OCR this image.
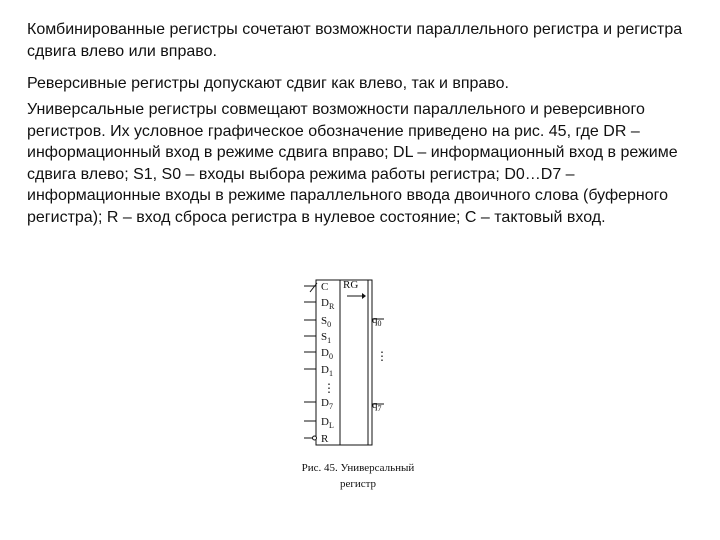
Комбинированные регистры сочетают возможности параллельного регистра и регистра сдвига влево или вправо.

Реверсивные регистры допускают сдвиг как влево, так и вправо.

Универсальные регистры совмещают возможности параллельного и реверсивного регистров. Их условное графическое обозначение приведено на рис. 45, где DR – информационный вход в режиме сдвига вправо; DL – информационный вход в режиме сдвига влево; S1, S0 – входы выбора режима работы регистра; D0…D7 – информационные входы в режиме параллельного ввода двоичного слова (буферного регистра); R – вход сброса регистра в нулевое состояние; C – тактовый вход.

RG
C
$D_R$
$S_0$
$S_1$
$D_0$
$D_1$
⋮
$D_7$
$D_L$
R
$q_0$
⋮
$q_7$
Рис. 45. Универсальный
регистр
